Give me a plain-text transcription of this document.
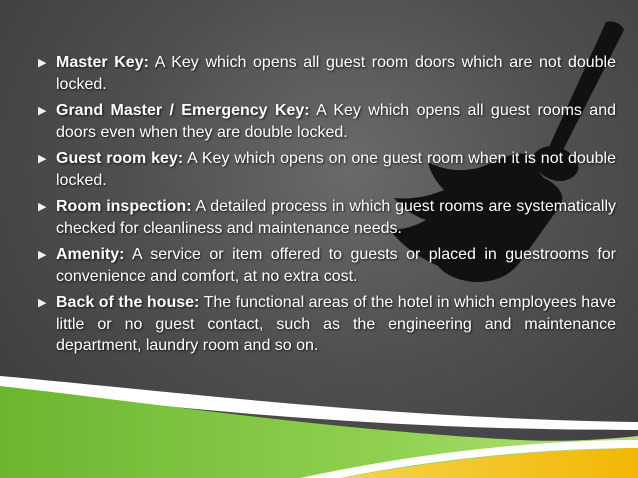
▶ Master Key: A Key which opens all guest room doors which are not double locked.
▶ Grand Master / Emergency Key: A Key which opens all guest rooms and doors even when they are double locked.
▶ Guest room key: A Key which opens on one guest room when it is not double locked.
▶ Room inspection: A detailed process in which guest rooms are systematically checked for cleanliness and maintenance needs.
▶ Amenity: A service or item offered to guests or placed in guestrooms for convenience and comfort, at no extra cost.
▶ Back of the house: The functional areas of the hotel in which employees have little or no guest contact, such as the engineering and maintenance department, laundry room and so on.
